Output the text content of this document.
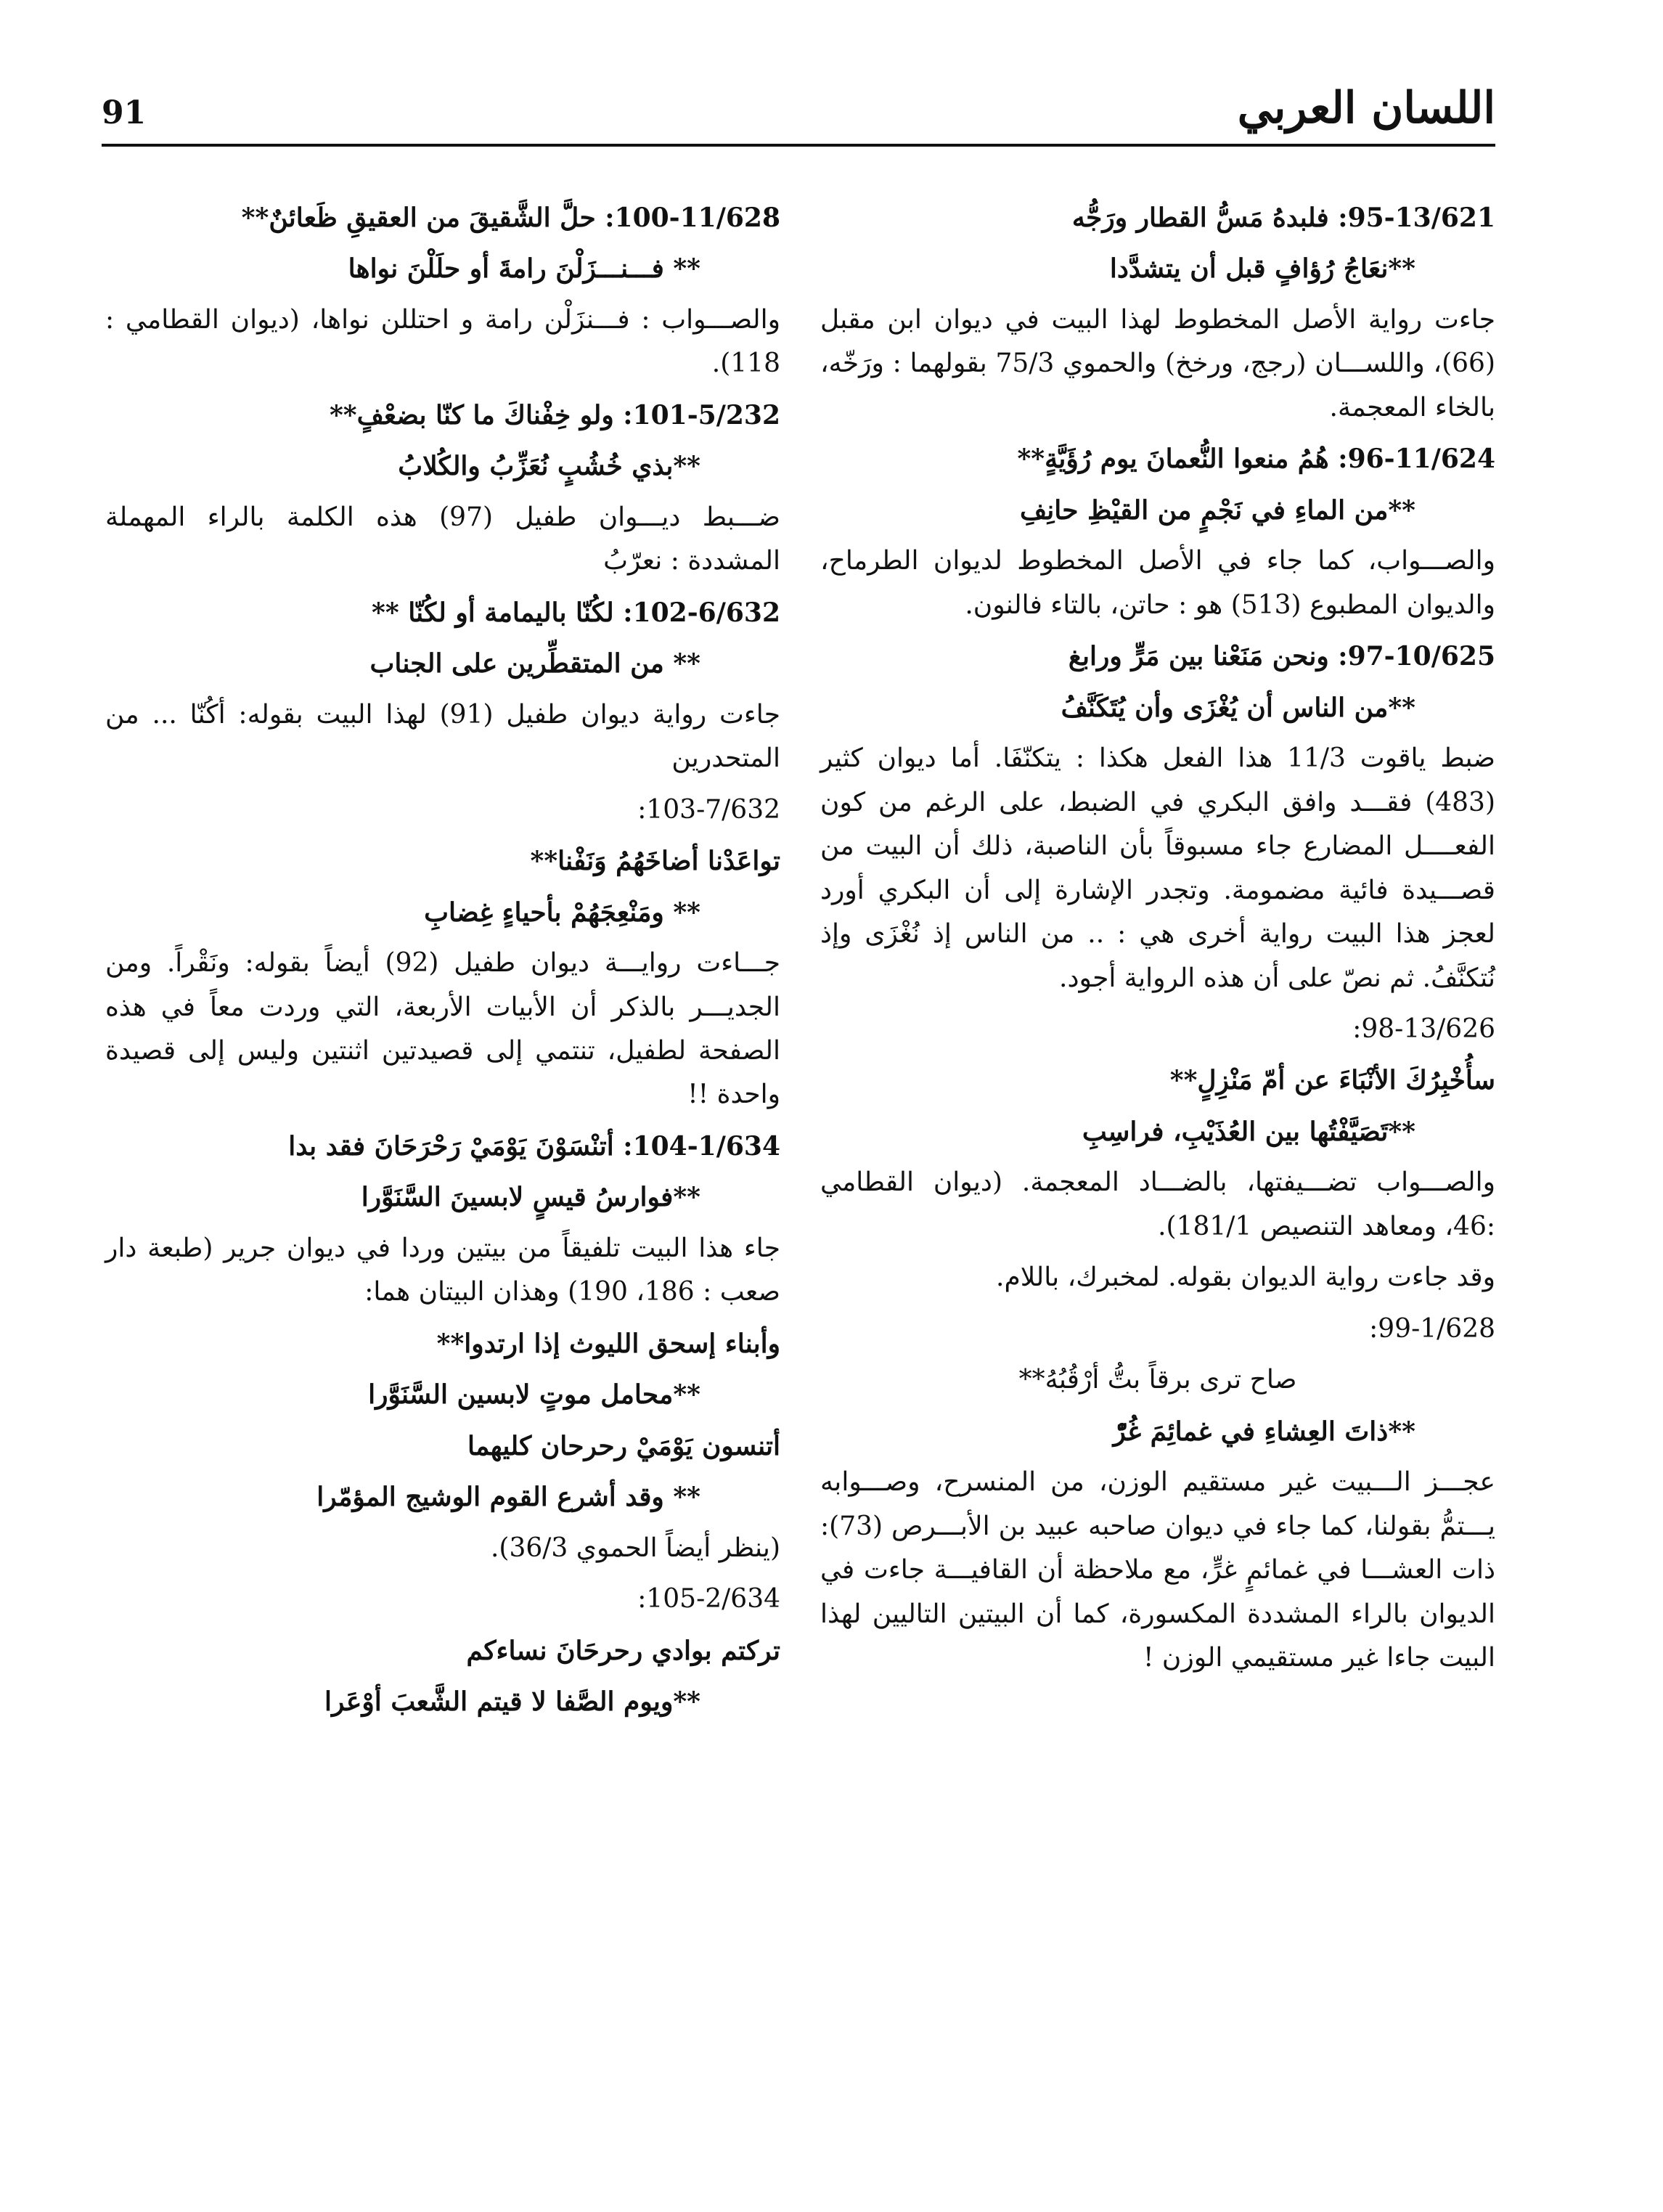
91	اللسان العربي
95-13/621: فلبدهُ مَسُّ القطار ورَجُّه
**نعَاجُ رُؤافٍ قبل أن يتشدَّدا
جاءت رواية الأصل المخطوط لهذا البيت في ديوان ابن مقبل (66)، واللســـان (رجج، ورخخ) والحموي 75/3 بقولهما : ورَخّه، بالخاء المعجمة.
96-11/624: هُمُ منعوا النُّعمانَ يوم رُؤَيَّةٍ**
**من الماءِ في نَجْمٍ من القيْظِ حانِفِ
والصـــواب، كما جاء في الأصل المخطوط لديوان الطرماح، والديوان المطبوع (513) هو : حاتن، بالتاء فالنون.
97-10/625: ونحن مَنَعْنا بين مَرٍّ ورابغ
**من الناس أن يُغْزَى وأن يُتَكَنَّفُ
ضبط ياقوت 11/3 هذا الفعل هكذا : يتكنّفَا. أما ديوان كثير (483) فقـــد وافق البكري في الضبط، على الرغم من كون الفعــــل المضارع جاء مسبوقاً بأن الناصبة، ذلك أن البيت من قصـــيدة فائية مضمومة. وتجدر الإشارة إلى أن البكري أورد لعجز هذا البيت رواية أخرى هي : .. من الناس إذ نُغْزَى وإذ نُتكنَّفُ. ثم نصّ على أن هذه الرواية أجود.
98-13/626:
سأُخْبِرُكَ الأنْبَاءَ عن أمّ مَنْزِلٍ**
**تَصَيَّفْتُها بين العُذَيْبِ، فراسِبِ
والصـــواب تضـــيفتها، بالضـــاد المعجمة. (ديوان القطامي :46، ومعاهد التنصيص 181/1).
وقد جاءت رواية الديوان بقوله. لمخبرك، باللام.
99-1/628:
صاح ترى برقاً بتُّ أرْقُبُهُ**
**ذاتَ العِشاءِ في غمائِمَ غُرّْ
عجـــز الـــبيت غير مستقيم الوزن، من المنسرح، وصـــوابه يـــتمُّ بقولنا، كما جاء في ديوان صاحبه عبيد بن الأبـــرص (73): ذات العشـــا في غمائمٍ غرٍّ، مع ملاحظة أن القافيـــة جاءت في الديوان بالراء المشددة المكسورة، كما أن البيتين التاليين لهذا البيت جاءا غير مستقيمي الوزن !
100-11/628: حلَّ الشَّقيقَ من العقيقِ ظَعائنٌ**
** فـــنـــزَلْنَ رامةَ أو حلَلْنَ نواها
والصـــواب : فـــنزَلْن رامة و احتللن نواها، (ديوان القطامي : 118).
101-5/232: ولو خِفْناكَ ما كنّا بضعْفٍ**
**بذي خُشُبٍ نُعَزِّبُ والكُلابُ
ضـــبط ديـــوان طفيل (97) هذه الكلمة بالراء المهملة المشددة : نعرّبُ
102-6/632: لكُنّا باليمامة أو لكُنّا **
** من المتقطِّرين على الجناب
جاءت رواية ديوان طفيل (91) لهذا البيت بقوله: أكُنّا ... من المتحدرين
103-7/632:
تواعَدْنا أضاخَهُمُ وَنَفْنا**
** ومَنْعِجَهُمْ بأحياءٍ غِضابِ
جـــاءت روايـــة ديوان طفيل (92) أيضاً بقوله: ونَقْراً. ومن الجديـــر بالذكر أن الأبيات الأربعة، التي وردت معاً في هذه الصفحة لطفيل، تنتمي إلى قصيدتين اثنتين وليس إلى قصيدة واحدة !!
104-1/634: أتنْسَوْنَ يَوْمَيْ رَحْرَحَانَ فقد بدا
**فوارسُ قيسٍ لابسينَ السَّنَوَّرا
جاء هذا البيت تلفيقاً من بيتين وردا في ديوان جرير (طبعة دار صعب : 186، 190) وهذان البيتان هما:
وأبناء إسحق الليوث إذا ارتدوا**
**محامل موتٍ لابسين السَّنَوَّرا
أتنسون يَوْمَيْ رحرحان كليهما
** وقد أشرع القوم الوشيج المؤمّرا
(ينظر أيضاً الحموي 36/3).
105-2/634:
تركتم بوادي رحرحَانَ نساءكم
**ويوم الصَّفا لا قيتم الشَّعبَ أوْعَرا
